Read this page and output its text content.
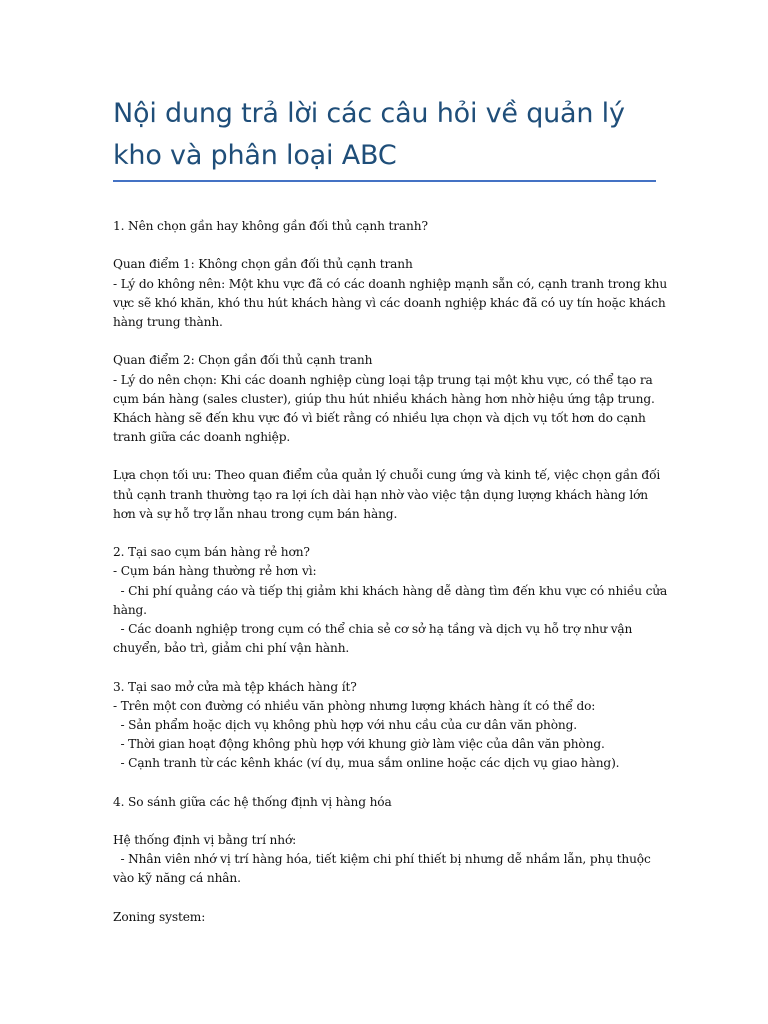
Nội dung trả lời các câu hỏi về quản lý
kho và phân loại ABC
1. Nên chọn gần hay không gần đối thủ cạnh tranh?
Quan điểm 1: Không chọn gần đối thủ cạnh tranh
- Lý do không nên: Một khu vực đã có các doanh nghiệp mạnh sẵn có, cạnh tranh trong khu
vực sẽ khó khăn, khó thu hút khách hàng vì các doanh nghiệp khác đã có uy tín hoặc khách
hàng trung thành.
Quan điểm 2: Chọn gần đối thủ cạnh tranh
- Lý do nên chọn: Khi các doanh nghiệp cùng loại tập trung tại một khu vực, có thể tạo ra
cụm bán hàng (sales cluster), giúp thu hút nhiều khách hàng hơn nhờ hiệu ứng tập trung.
Khách hàng sẽ đến khu vực đó vì biết rằng có nhiều lựa chọn và dịch vụ tốt hơn do cạnh
tranh giữa các doanh nghiệp.
Lựa chọn tối ưu: Theo quan điểm của quản lý chuỗi cung ứng và kinh tế, việc chọn gần đối
thủ cạnh tranh thường tạo ra lợi ích dài hạn nhờ vào việc tận dụng lượng khách hàng lớn
hơn và sự hỗ trợ lẫn nhau trong cụm bán hàng.
2. Tại sao cụm bán hàng rẻ hơn?
- Cụm bán hàng thường rẻ hơn vì:
- Chi phí quảng cáo và tiếp thị giảm khi khách hàng dễ dàng tìm đến khu vực có nhiều cửa
hàng.
- Các doanh nghiệp trong cụm có thể chia sẻ cơ sở hạ tầng và dịch vụ hỗ trợ như vận
chuyển, bảo trì, giảm chi phí vận hành.
3. Tại sao mở cửa mà tệp khách hàng ít?
- Trên một con đường có nhiều văn phòng nhưng lượng khách hàng ít có thể do:
- Sản phẩm hoặc dịch vụ không phù hợp với nhu cầu của cư dân văn phòng.
- Thời gian hoạt động không phù hợp với khung giờ làm việc của dân văn phòng.
- Cạnh tranh từ các kênh khác (ví dụ, mua sắm online hoặc các dịch vụ giao hàng).
4. So sánh giữa các hệ thống định vị hàng hóa
Hệ thống định vị bằng trí nhớ:
- Nhân viên nhớ vị trí hàng hóa, tiết kiệm chi phí thiết bị nhưng dễ nhầm lẫn, phụ thuộc
vào kỹ năng cá nhân.
Zoning system:
